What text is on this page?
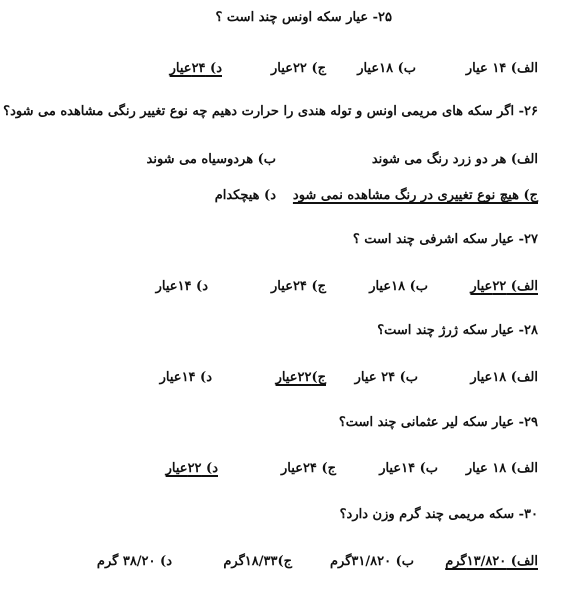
۲۵- عیار سکه اونس چند است ؟
الف) ۱۴ عیار
ب) ۱۸عیار
ج) ۲۲عیار
د) ۲۴عیار
۲۶- اگر سکه های مریمی اونس و توله هندی را حرارت دهیم چه نوع تغییر رنگی مشاهده می شود؟
الف) هر دو زرد رنگ می شوند
ب) هردوسیاه می شوند
ج) هیچ نوع تغییری در رنگ مشاهده نمی شود
د) هیچکدام
۲۷- عیار سکه اشرفی چند است ؟
الف) ۲۲عیار
ب) ۱۸عیار
ج) ۲۴عیار
د) ۱۴عیار
۲۸- عیار سکه ژرژ چند است؟
الف) ۱۸عیار
ب) ۲۴ عیار
ج)۲۲عیار
د) ۱۴عیار
۲۹- عیار سکه لیر عثمانی چند است؟
الف) ۱۸ عیار
ب) ۱۴عیار
ج) ۲۴عیار
د) ۲۲عیار
۳۰- سکه مریمی چند گرم وزن دارد؟
الف) ۱۳/۸۲۰گرم
ب) ۳۱/۸۲۰گرم
ج)۱۸/۳۳گرم
د) ۳۸/۲۰ گرم
